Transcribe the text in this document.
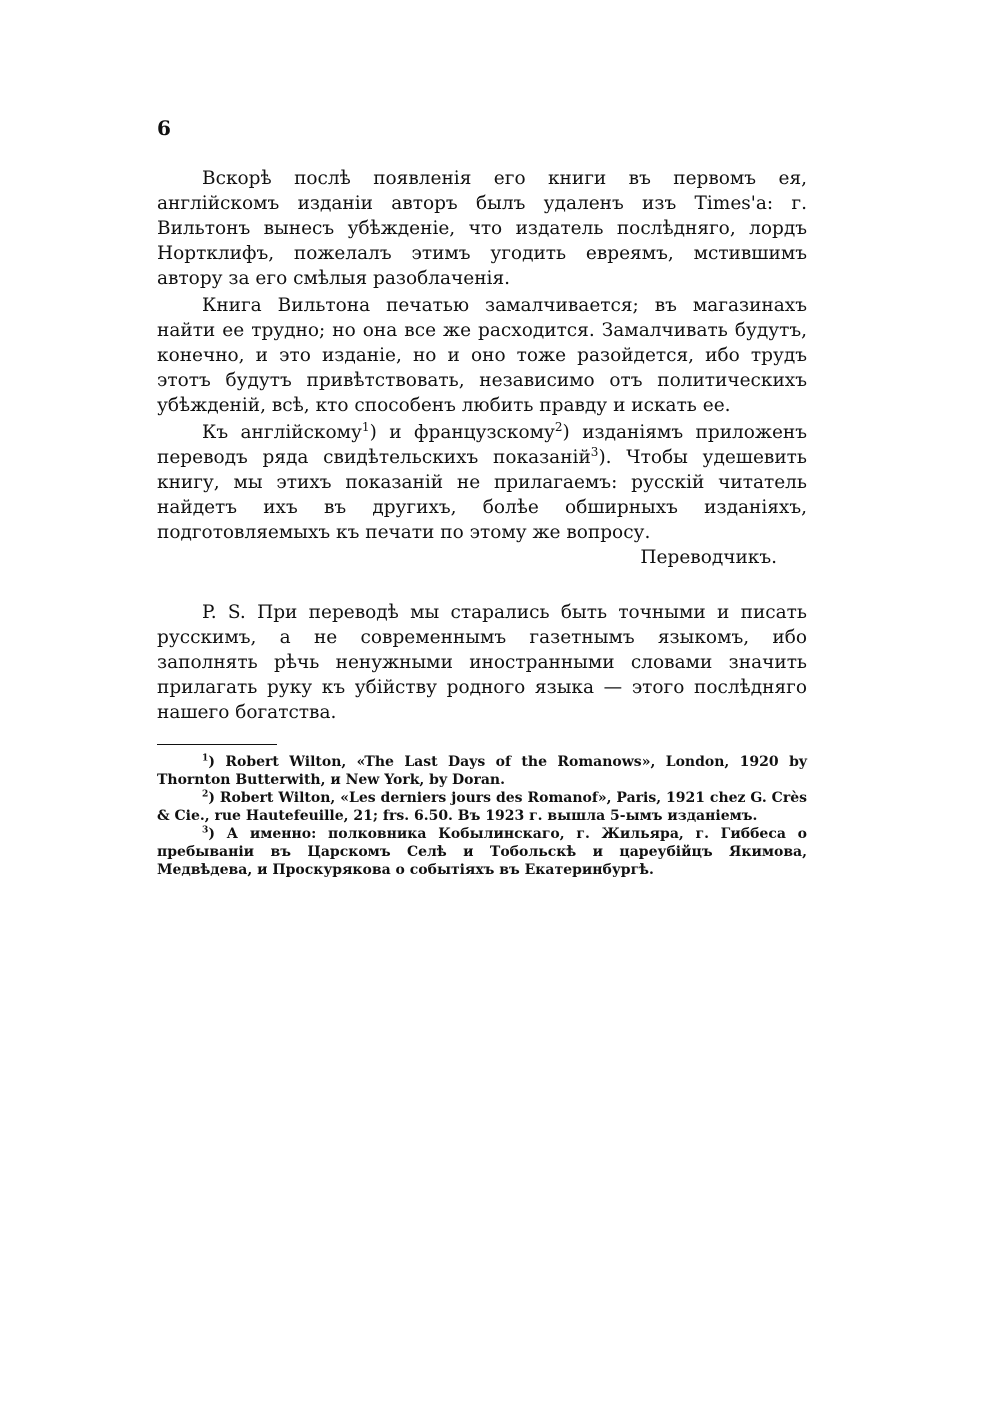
6

Вскорѣ послѣ появленія его книги въ первомъ ея, англійскомъ изданіи авторъ былъ удаленъ изъ Times'а: г. Вильтонъ вынесъ убѣжденіе, что издатель послѣдняго, лордъ Нортклифъ, пожелалъ этимъ угодить евреямъ, мстившимъ автору за его смѣлыя разоблаченія.

Книга Вильтона печатью замалчивается; въ магазинахъ найти ее трудно; но она все же расходится. Замалчивать будутъ, конечно, и это изданіе, но и оно тоже разойдется, ибо трудъ этотъ будутъ привѣтствовать, независимо отъ политическихъ убѣжденій, всѣ, кто способенъ любить правду и искать ее.

Къ англійскому$^1$) и французскому$^2$) изданіямъ приложенъ переводъ ряда свидѣтельскихъ показаній$^3$). Чтобы удешевить книгу, мы этихъ показаній не прилагаемъ: русскій читатель найдетъ ихъ въ другихъ, болѣе обширныхъ изданіяхъ, подготовляемыхъ къ печати по этому же вопросу.

Переводчикъ.

P. S. При переводѣ мы старались быть точными и писать русскимъ, а не современнымъ газетнымъ языкомъ, ибо заполнять рѣчь ненужными иностранными словами значить прилагать руку къ убійству родного языка — этого послѣдняго нашего богатства.

$^1$) Robert Wilton, «The Last Days of the Romanows», London, 1920 by Thornton Butterwith, и New York, by Doran.

$^2$) Robert Wilton, «Les derniers jours des Romanof», Paris, 1921 chez G. Crès & Cie., rue Hautefeuille, 21; frs. 6.50. Въ 1923 г. вышла 5-ымъ изданіемъ.

$^3$) А именно: полковника Кобылинскаго, г. Жильяра, г. Гиббеса о пребываніи въ Царскомъ Селѣ и Тобольскѣ и цареубійцъ Якимова, Медвѣдева, и Проскурякова о событіяхъ въ Екатеринбургѣ.
